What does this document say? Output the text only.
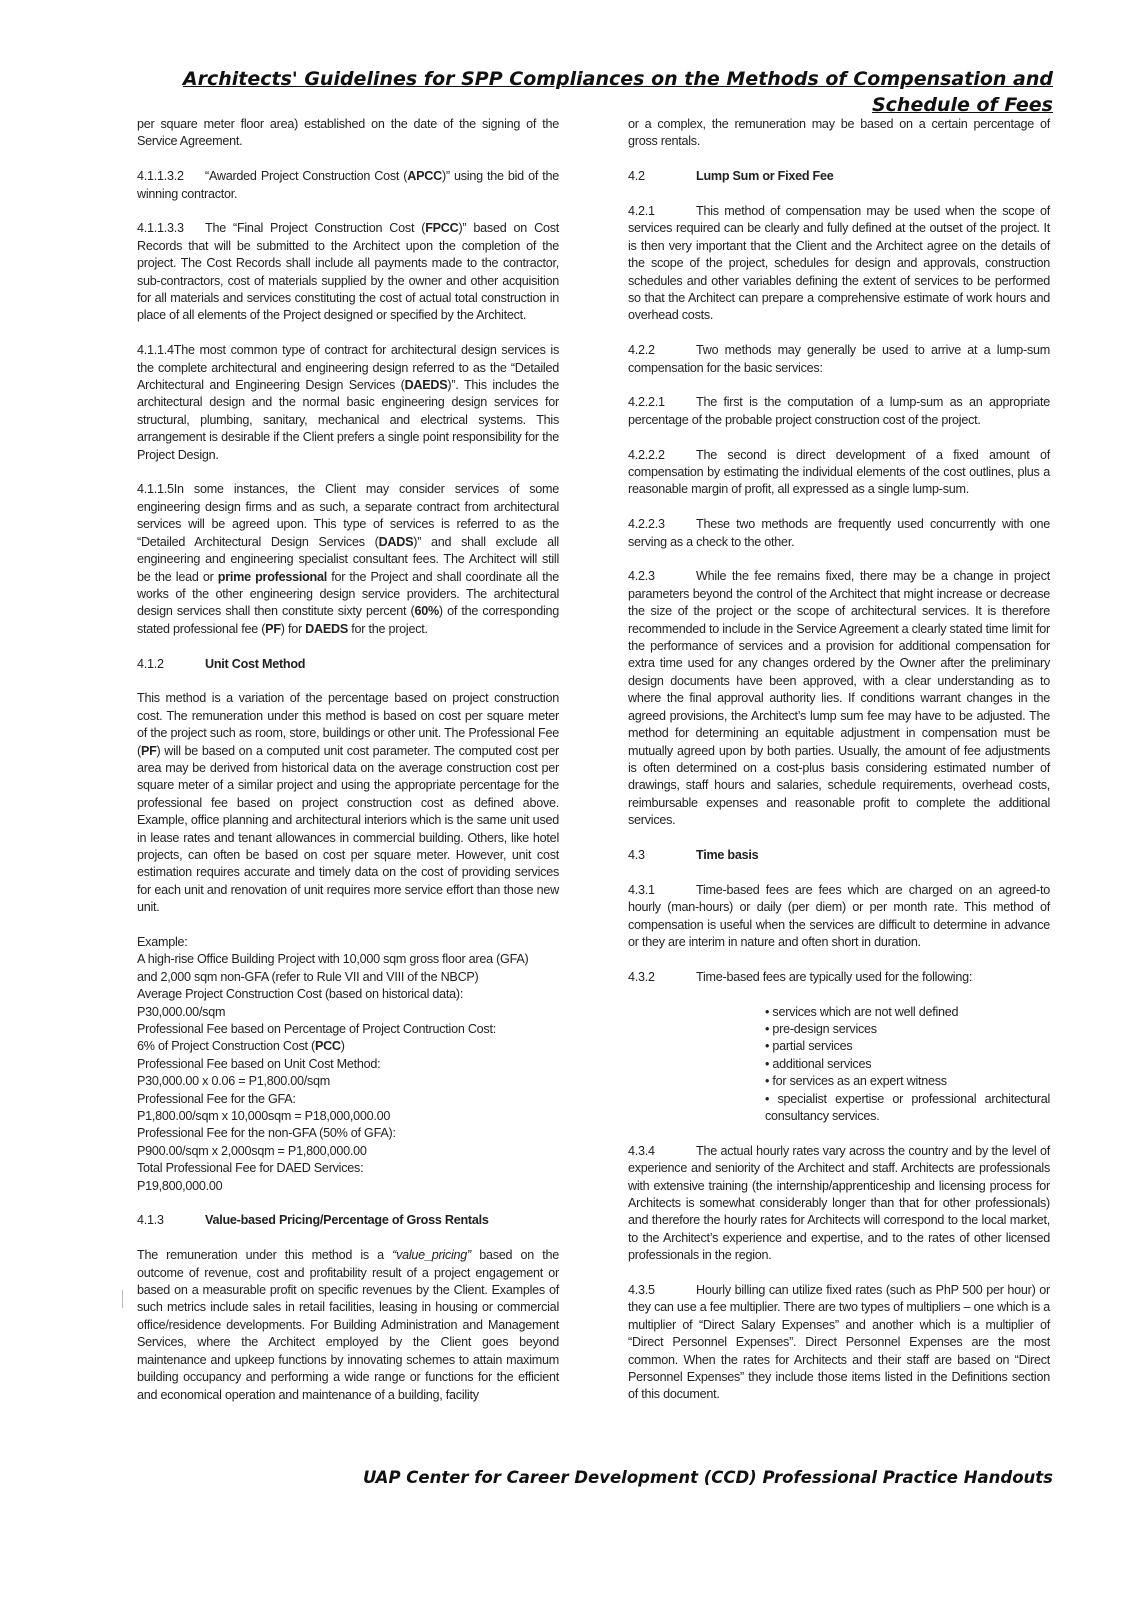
Architects' Guidelines for SPP Compliances on the Methods of Compensation and Schedule of Fees

per square meter floor area) established on the date of the signing of the Service Agreement.

4.1.1.3.2 “Awarded Project Construction Cost (APCC)” using the bid of the winning contractor.

4.1.1.3.3 The “Final Project Construction Cost (FPCC)” based on Cost Records that will be submitted to the Architect upon the completion of the project. The Cost Records shall include all payments made to the contractor, sub-contractors, cost of materials supplied by the owner and other acquisition for all materials and services constituting the cost of actual total construction in place of all elements of the Project designed or specified by the Architect.

4.1.1.4The most common type of contract for architectural design services is the complete architectural and engineering design referred to as the “Detailed Architectural and Engineering Design Services (DAEDS)”. This includes the architectural design and the normal basic engineering design services for structural, plumbing, sanitary, mechanical and electrical systems. This arrangement is desirable if the Client prefers a single point responsibility for the Project Design.

4.1.1.5In some instances, the Client may consider services of some engineering design firms and as such, a separate contract from architectural services will be agreed upon. This type of services is referred to as the “Detailed Architectural Design Services (DADS)” and shall exclude all engineering and engineering specialist consultant fees. The Architect will still be the lead or prime professional for the Project and shall coordinate all the works of the other engineering design service providers. The architectural design services shall then constitute sixty percent (60%) of the corresponding stated professional fee (PF) for DAEDS for the project.

4.1.2	Unit Cost Method

This method is a variation of the percentage based on project construction cost. The remuneration under this method is based on cost per square meter of the project such as room, store, buildings or other unit. The Professional Fee (PF) will be based on a computed unit cost parameter. The computed cost per area may be derived from historical data on the average construction cost per square meter of a similar project and using the appropriate percentage for the professional fee based on project construction cost as defined above. Example, office planning and architectural interiors which is the same unit used in lease rates and tenant allowances in commercial building. Others, like hotel projects, can often be based on cost per square meter. However, unit cost estimation requires accurate and timely data on the cost of providing services for each unit and renovation of unit requires more service effort than those new unit.

Example:
A high-rise Office Building Project with 10,000 sqm gross floor area (GFA)
and 2,000 sqm non-GFA (refer to Rule VII and VIII of the NBCP)
Average Project Construction Cost (based on historical data):
P30,000.00/sqm
Professional Fee based on Percentage of Project Contruction Cost:
6% of Project Construction Cost (PCC)
Professional Fee based on Unit Cost Method:
P30,000.00 x 0.06 = P1,800.00/sqm
Professional Fee for the GFA:
P1,800.00/sqm x 10,000sqm = P18,000,000.00
Professional Fee for the non-GFA (50% of GFA):
P900.00/sqm x 2,000sqm = P1,800,000.00
Total Professional Fee for DAED Services:
P19,800,000.00

4.1.3	Value-based Pricing/Percentage of Gross Rentals

The remuneration under this method is a “value_pricing” based on the outcome of revenue, cost and profitability result of a project engagement or based on a measurable profit on specific revenues by the Client. Examples of such metrics include sales in retail facilities, leasing in housing or commercial office/residence developments. For Building Administration and Management Services, where the Architect employed by the Client goes beyond maintenance and upkeep functions by innovating schemes to attain maximum building occupancy and performing a wide range or functions for the efficient and economical operation and maintenance of a building, facility

or a complex, the remuneration may be based on a certain percentage of gross rentals.

4.2	Lump Sum or Fixed Fee

4.2.1	This method of compensation may be used when the scope of services required can be clearly and fully defined at the outset of the project. It is then very important that the Client and the Architect agree on the details of the scope of the project, schedules for design and approvals, construction schedules and other variables defining the extent of services to be performed so that the Architect can prepare a comprehensive estimate of work hours and overhead costs.

4.2.2	Two methods may generally be used to arrive at a lump-sum compensation for the basic services:

4.2.2.1 The first is the computation of a lump-sum as an appropriate percentage of the probable project construction cost of the project.

4.2.2.2 The second is direct development of a fixed amount of compensation by estimating the individual elements of the cost outlines, plus a reasonable margin of profit, all expressed as a single lump-sum.

4.2.2.3 These two methods are frequently used concurrently with one serving as a check to the other.

4.2.3	While the fee remains fixed, there may be a change in project parameters beyond the control of the Architect that might increase or decrease the size of the project or the scope of architectural services. It is therefore recommended to include in the Service Agreement a clearly stated time limit for the performance of services and a provision for additional compensation for extra time used for any changes ordered by the Owner after the preliminary design documents have been approved, with a clear understanding as to where the final approval authority lies. If conditions warrant changes in the agreed provisions, the Architect’s lump sum fee may have to be adjusted. The method for determining an equitable adjustment in compensation must be mutually agreed upon by both parties. Usually, the amount of fee adjustments is often determined on a cost-plus basis considering estimated number of drawings, staff hours and salaries, schedule requirements, overhead costs, reimbursable expenses and reasonable profit to complete the additional services.

4.3	Time basis

4.3.1	Time-based fees are fees which are charged on an agreed-to hourly (man-hours) or daily (per diem) or per month rate. This method of compensation is useful when the services are difficult to determine in advance or they are interim in nature and often short in duration.

4.3.2	Time-based fees are typically used for the following:

• services which are not well defined
• pre-design services
• partial services
• additional services
• for services as an expert witness
• specialist expertise or professional architectural consultancy services.

4.3.4	The actual hourly rates vary across the country and by the level of experience and seniority of the Architect and staff. Architects are professionals with extensive training (the internship/apprenticeship and licensing process for Architects is somewhat considerably longer than that for other professionals) and therefore the hourly rates for Architects will correspond to the local market, to the Architect’s experience and expertise, and to the rates of other licensed professionals in the region.

4.3.5	Hourly billing can utilize fixed rates (such as PhP 500 per hour) or they can use a fee multiplier. There are two types of multipliers – one which is a multiplier of “Direct Salary Expenses” and another which is a multiplier of “Direct Personnel Expenses”. Direct Personnel Expenses are the most common. When the rates for Architects and their staff are based on “Direct Personnel Expenses” they include those items listed in the Definitions section of this document.

UAP Center for Career Development (CCD) Professional Practice Handouts
